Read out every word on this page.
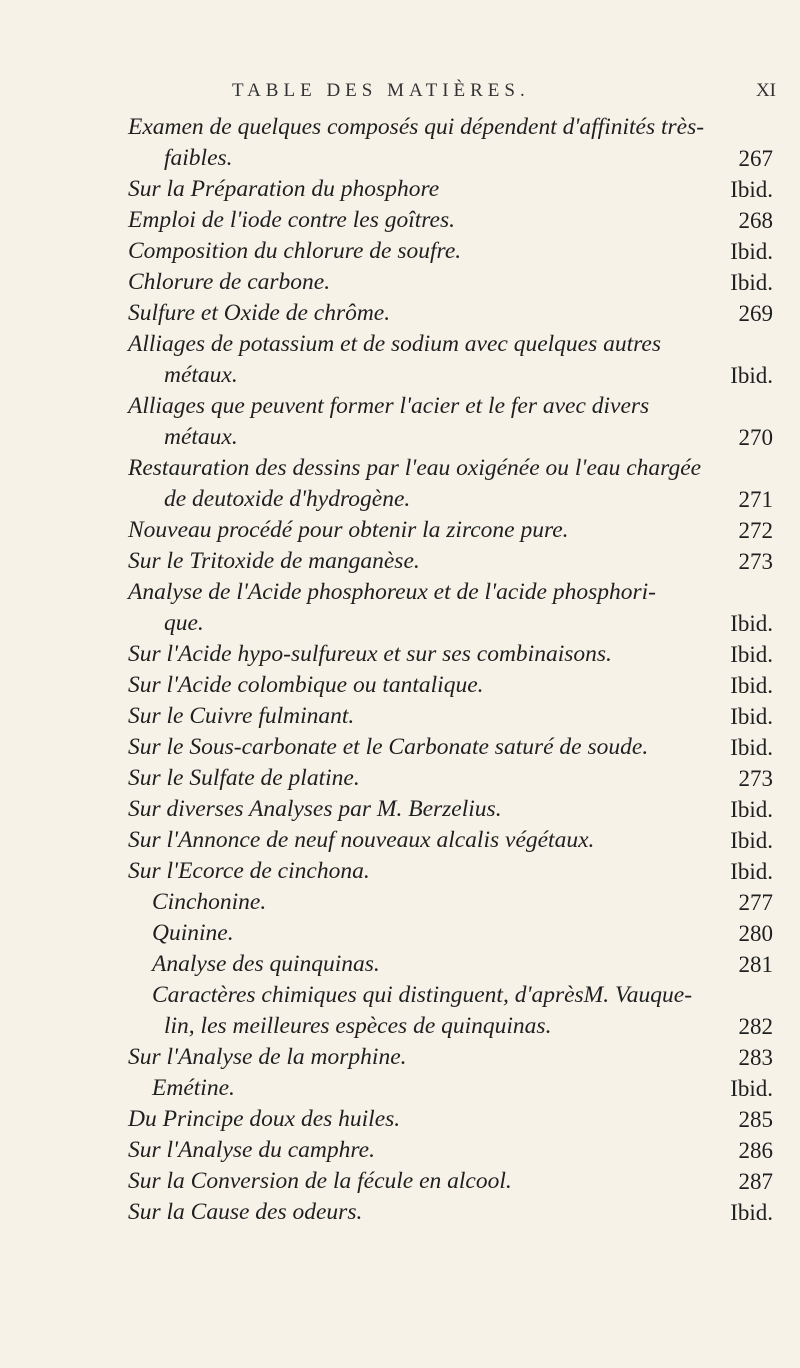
TABLE DES MATIÈRES.	XI
Examen de quelques composés qui dépendent d'affinités très-
faibles.	267
Sur la Préparation du phosphore	Ibid.
Emploi de l'iode contre les goîtres.	268
Composition du chlorure de soufre.	Ibid.
Chlorure de carbone.	Ibid.
Sulfure et Oxide de chrôme.	269
Alliages de potassium et de sodium avec quelques autres
métaux.	Ibid.
Alliages que peuvent former l'acier et le fer avec divers
métaux.	270
Restauration des dessins par l'eau oxigénée ou l'eau chargée
de deutoxide d'hydrogène.	271
Nouveau procédé pour obtenir la zircone pure.	272
Sur le Tritoxide de manganèse.	273
Analyse de l'Acide phosphoreux et de l'acide phosphori-
que.	Ibid.
Sur l'Acide hypo-sulfureux et sur ses combinaisons.	Ibid.
Sur l'Acide colombique ou tantalique.	Ibid.
Sur le Cuivre fulminant.	Ibid.
Sur le Sous-carbonate et le Carbonate saturé de soude.	Ibid.
Sur le Sulfate de platine.	273
Sur diverses Analyses par M. Berzelius.	Ibid.
Sur l'Annonce de neuf nouveaux alcalis végétaux.	Ibid.
Sur l'Ecorce de cinchona.	Ibid.
Cinchonine.	277
Quinine.	280
Analyse des quinquinas.	281
Caractères chimiques qui distinguent, d'aprèsM. Vauque-
lin, les meilleures espèces de quinquinas.	282
Sur l'Analyse de la morphine.	283
Emétine.	Ibid.
Du Principe doux des huiles.	285
Sur l'Analyse du camphre.	286
Sur la Conversion de la fécule en alcool.	287
Sur la Cause des odeurs.	Ibid.
